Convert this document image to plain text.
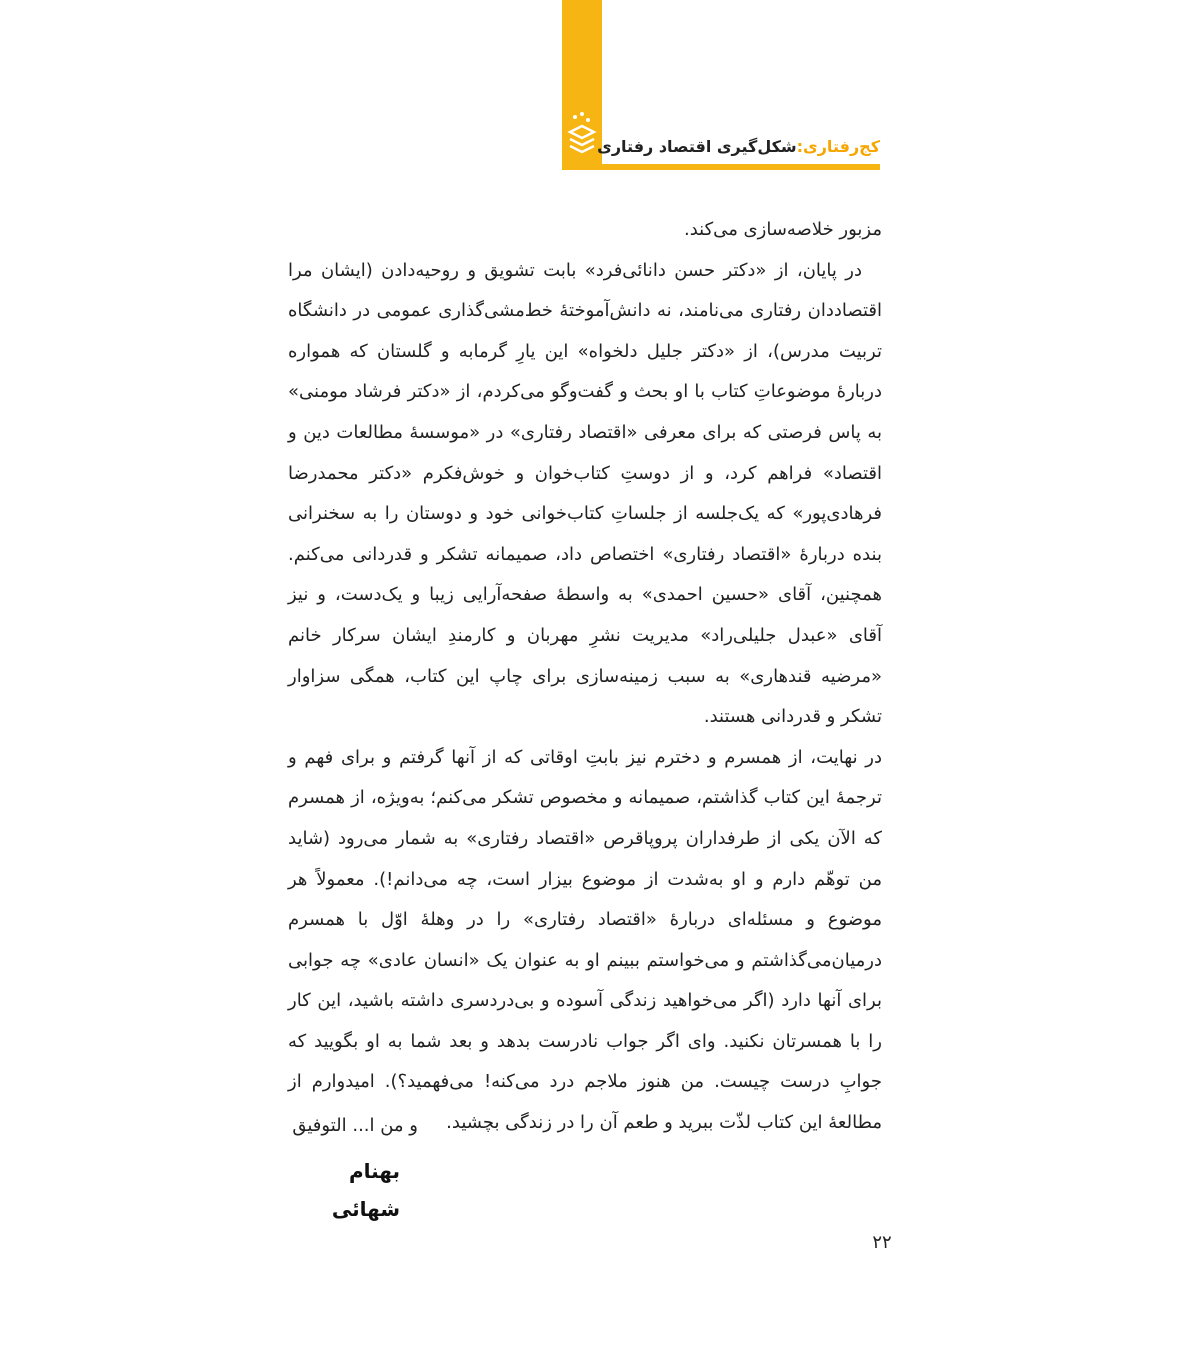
کج‌رفتاری:شکل‌گیری اقتصاد رفتاری

مزبور خلاصه‌سازی می‌کند.

در پایان، از «دکتر حسن دانائی‌فرد» بابت تشویق و روحیه‌دادن (ایشان مرا اقتصاددان رفتاری می‌نامند، نه دانش‌آموختهٔ خط‌مشی‌گذاری عمومی در دانشگاه تربیت مدرس)، از «دکتر جلیل دلخواه» این یارِ گرمابه و گلستان که همواره دربارهٔ موضوعاتِ کتاب با او بحث و گفت‌وگو می‌کردم، از «دکتر فرشاد مومنی» به پاس فرصتی که برای معرفی «اقتصاد رفتاری» در «موسسهٔ مطالعات دین و اقتصاد» فراهم کرد، و از دوستِ کتاب‌خوان و خوش‌فکرم «دکتر محمدرضا فرهادی‌پور» که یک‌جلسه از جلساتِ کتاب‌خوانی خود و دوستان را به سخنرانی بنده دربارهٔ «اقتصاد رفتاری» اختصاص داد، صمیمانه تشکر و قدردانی می‌کنم. همچنین، آقای «حسین احمدی» به واسطهٔ صفحه‌آرایی زیبا و یک‌دست، و نیز آقای «عبدل جلیلی‌راد» مدیریت نشرِ مهربان و کارمندِ ایشان سرکار خانم «مرضیه قندهاری» به سبب زمینه‌سازی برای چاپ این کتاب، همگی سزاوار تشکر و قدردانی هستند.

در نهایت، از همسرم و دخترم نیز بابتِ اوقاتی که از آنها گرفتم و برای فهم و ترجمهٔ این کتاب گذاشتم، صمیمانه و مخصوص تشکر می‌کنم؛ به‌ویژه، از همسرم که الآن یکی از طرفداران پروپاقرص «اقتصاد رفتاری» به شمار می‌رود (شاید من توهّم دارم و او به‌شدت از موضوع بیزار است، چه می‌دانم!). معمولاً هر موضوع و مسئله‌ای دربارهٔ «اقتصاد رفتاری» را در وهلهٔ اوّل با همسرم درمیان‌می‌گذاشتم و می‌خواستم ببینم او به عنوان یک «انسان عادی» چه جوابی برای آنها دارد (اگر می‌خواهید زندگی آسوده و بی‌دردسری داشته باشید، این کار را با همسرتان نکنید. وای اگر جواب نادرست بدهد و بعد شما به او بگویید که جوابِ درست چیست. من هنوز ملاجم درد می‌کنه! می‌فهمید؟). امیدوارم از مطالعهٔ این کتاب لذّت ببرید و طعم آن را در زندگی بچشید.

و من ا... التوفیق
بهنام شهائی
۲۲
